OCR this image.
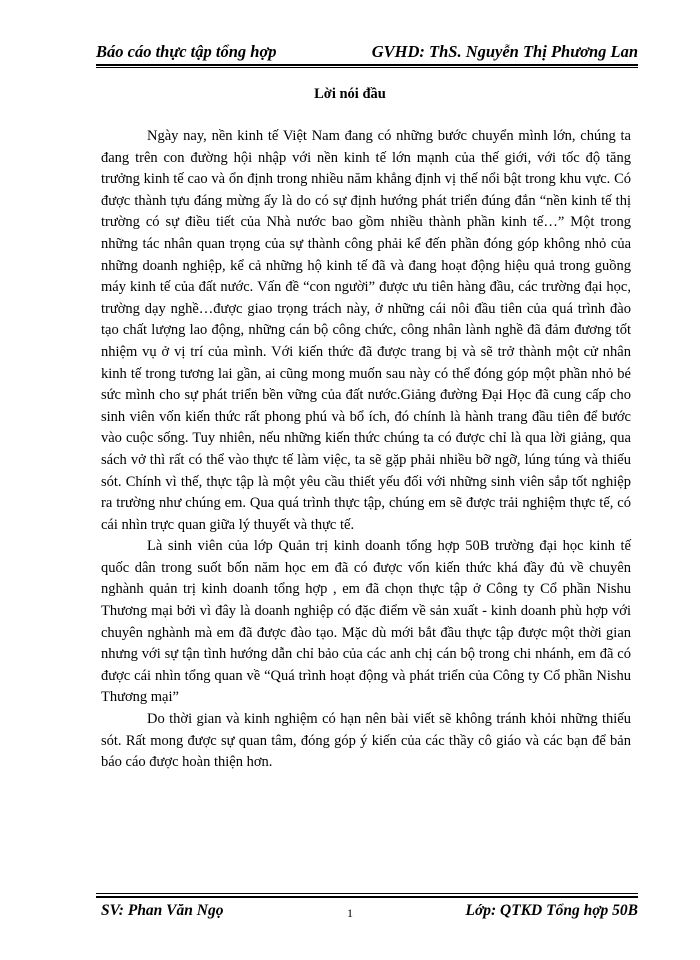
Báo cáo thực tập tổng hợp	GVHD: ThS. Nguyễn Thị Phương Lan
Lời nói đầu

Ngày nay, nền kinh tế Việt Nam đang có những bước chuyển mình lớn, chúng ta đang trên con đường hội nhập với nền kinh tế lớn mạnh của thế giới, với tốc độ tăng trưởng kinh tế cao và ổn định trong nhiều năm khẳng định vị thế nổi bật trong khu vực. Có được thành tựu đáng mừng ấy là do có sự định hướng phát triển đúng đắn “nền kinh tế thị trường có sự điều tiết của Nhà nước bao gồm nhiều thành phần kinh tế…” Một trong những tác nhân quan trọng của sự thành công phải kể đến phần đóng góp không nhỏ của những doanh nghiệp, kể cả những hộ kinh tế đã và đang hoạt động hiệu quả trong guồng máy kinh tế của đất nước. Vấn đề “con người” được ưu tiên hàng đầu, các trường đại học, trường dạy nghề…được giao trọng trách này, ở những cái nôi đầu tiên của quá trình đào tạo chất lượng lao động, những cán bộ công chức, công nhân lành nghề đã đảm đương tốt nhiệm vụ ở vị trí của mình. Với kiến thức đã được trang bị và sẽ trở thành một cử nhân kinh tế trong tương lai gần, ai cũng mong muốn sau này có thể đóng góp một phần nhỏ bé sức mình cho sự phát triển bền vững của đất nước.Giảng đường Đại Học đã cung cấp cho sinh viên vốn kiến thức rất phong phú và bổ ích, đó chính là hành trang đầu tiên để bước vào cuộc sống. Tuy nhiên, nếu những kiến thức chúng ta có được chỉ là qua lời giảng, qua sách vở thì rất có thể vào thực tế làm việc, ta sẽ gặp phải nhiều bỡ ngỡ, lúng túng và thiếu sót. Chính vì thế, thực tập là một yêu cầu thiết yếu đối với những sinh viên sắp tốt nghiệp ra trường như chúng em. Qua quá trình thực tập, chúng em sẽ được trải nghiệm thực tế, có cái nhìn trực quan giữa lý thuyết và thực tế.

Là sinh viên của lớp Quản trị kinh doanh tổng hợp 50B trường đại học kinh tế quốc dân trong suốt bốn năm học em đã có được vốn kiến thức khá đầy đủ về chuyên nghành quản trị kinh doanh tổng hợp , em đã chọn thực tập ở Công ty Cổ phần Nishu Thương mại bởi vì đây là doanh nghiệp có đặc điểm về sản xuất - kinh doanh phù hợp với chuyên nghành mà em đã được đào tạo. Mặc dù mới bắt đầu thực tập được một thời gian nhưng với sự tận tình hướng dẫn chỉ bảo của các anh chị cán bộ trong chi nhánh, em đã có được cái nhìn tổng quan về “Quá trình hoạt động và phát triển của Công ty Cổ phần Nishu Thương mại”

Do thời gian và kinh nghiệm có hạn nên bài viết sẽ không tránh khỏi những thiếu sót. Rất mong được sự quan tâm, đóng góp ý kiến của các thầy cô giáo và các bạn để bản báo cáo được hoàn thiện hơn.

SV: Phan Văn Ngọ	1	Lớp: QTKD Tổng hợp 50B
